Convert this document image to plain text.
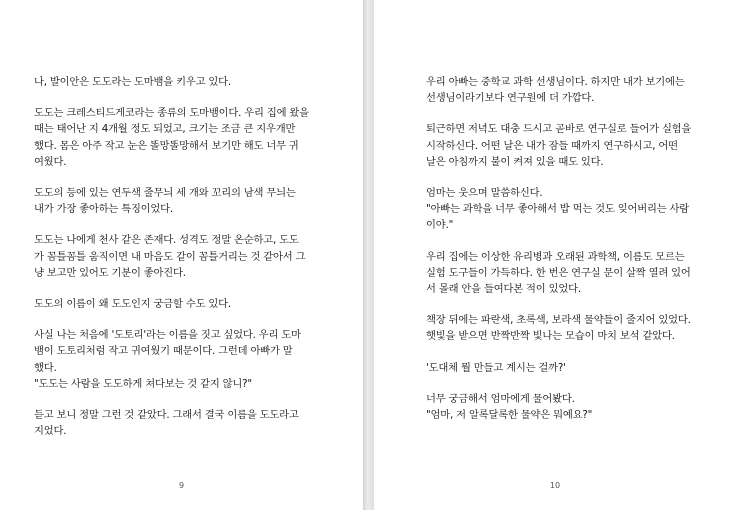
나, 발이안은 도도라는 도마뱀을 키우고 있다.

도도는 크레스티드게코라는 종류의 도마뱀이다. 우리 집에 왔을
때는 태어난 지 4개월 정도 되었고, 크기는 조금 큰 지우개만
했다. 몸은 아주 작고 눈은 똘망똘망해서 보기만 해도 너무 귀
여웠다.

도도의 등에 있는 연두색 줄무늬 세 개와 꼬리의 남색 무늬는
내가 가장 좋아하는 특징이었다.

도도는 나에게 천사 같은 존재다. 성격도 정말 온순하고, 도도
가 꼼틀꼼틀 움직이면 내 마음도 같이 꼼틀거리는 것 같아서 그
냥 보고만 있어도 기분이 좋아진다.

도도의 이름이 왜 도도인지 궁금할 수도 있다.

사실 나는 처음에 '도토리'라는 이름을 짓고 싶었다. 우리 도마
뱀이 도토리처럼 작고 귀여웠기 때문이다. 그런데 아빠가 말
했다.
"도도는 사람을 도도하게 쳐다보는 것 같지 않니?"

듣고 보니 정말 그런 것 같았다. 그래서 결국 이름을 도도라고
지었다.

9

우리 아빠는 중학교 과학 선생님이다. 하지만 내가 보기에는
선생님이라기보다 연구원에 더 가깝다.

퇴근하면 저녁도 대충 드시고 곧바로 연구실로 들어가 실험을
시작하신다. 어떤 날은 내가 잠들 때까지 연구하시고, 어떤
날은 아침까지 불이 켜져 있을 때도 있다.

엄마는 웃으며 말씀하신다.
"아빠는 과학을 너무 좋아해서 밥 먹는 것도 잊어버리는 사람
이야."

우리 집에는 이상한 유리병과 오래된 과학책, 이름도 모르는
실험 도구들이 가득하다. 한 번은 연구실 문이 살짝 열려 있어
서 몰래 안을 들여다본 적이 있었다.

책장 뒤에는 파란색, 초록색, 보라색 물약들이 줄지어 있었다.
햇빛을 받으면 반짝반짝 빛나는 모습이 마치 보석 같았다.

'도대체 뭘 만들고 계시는 걸까?'

너무 궁금해서 엄마에게 물어봤다.
"엄마, 저 알록달록한 물약은 뭐예요?"

10
